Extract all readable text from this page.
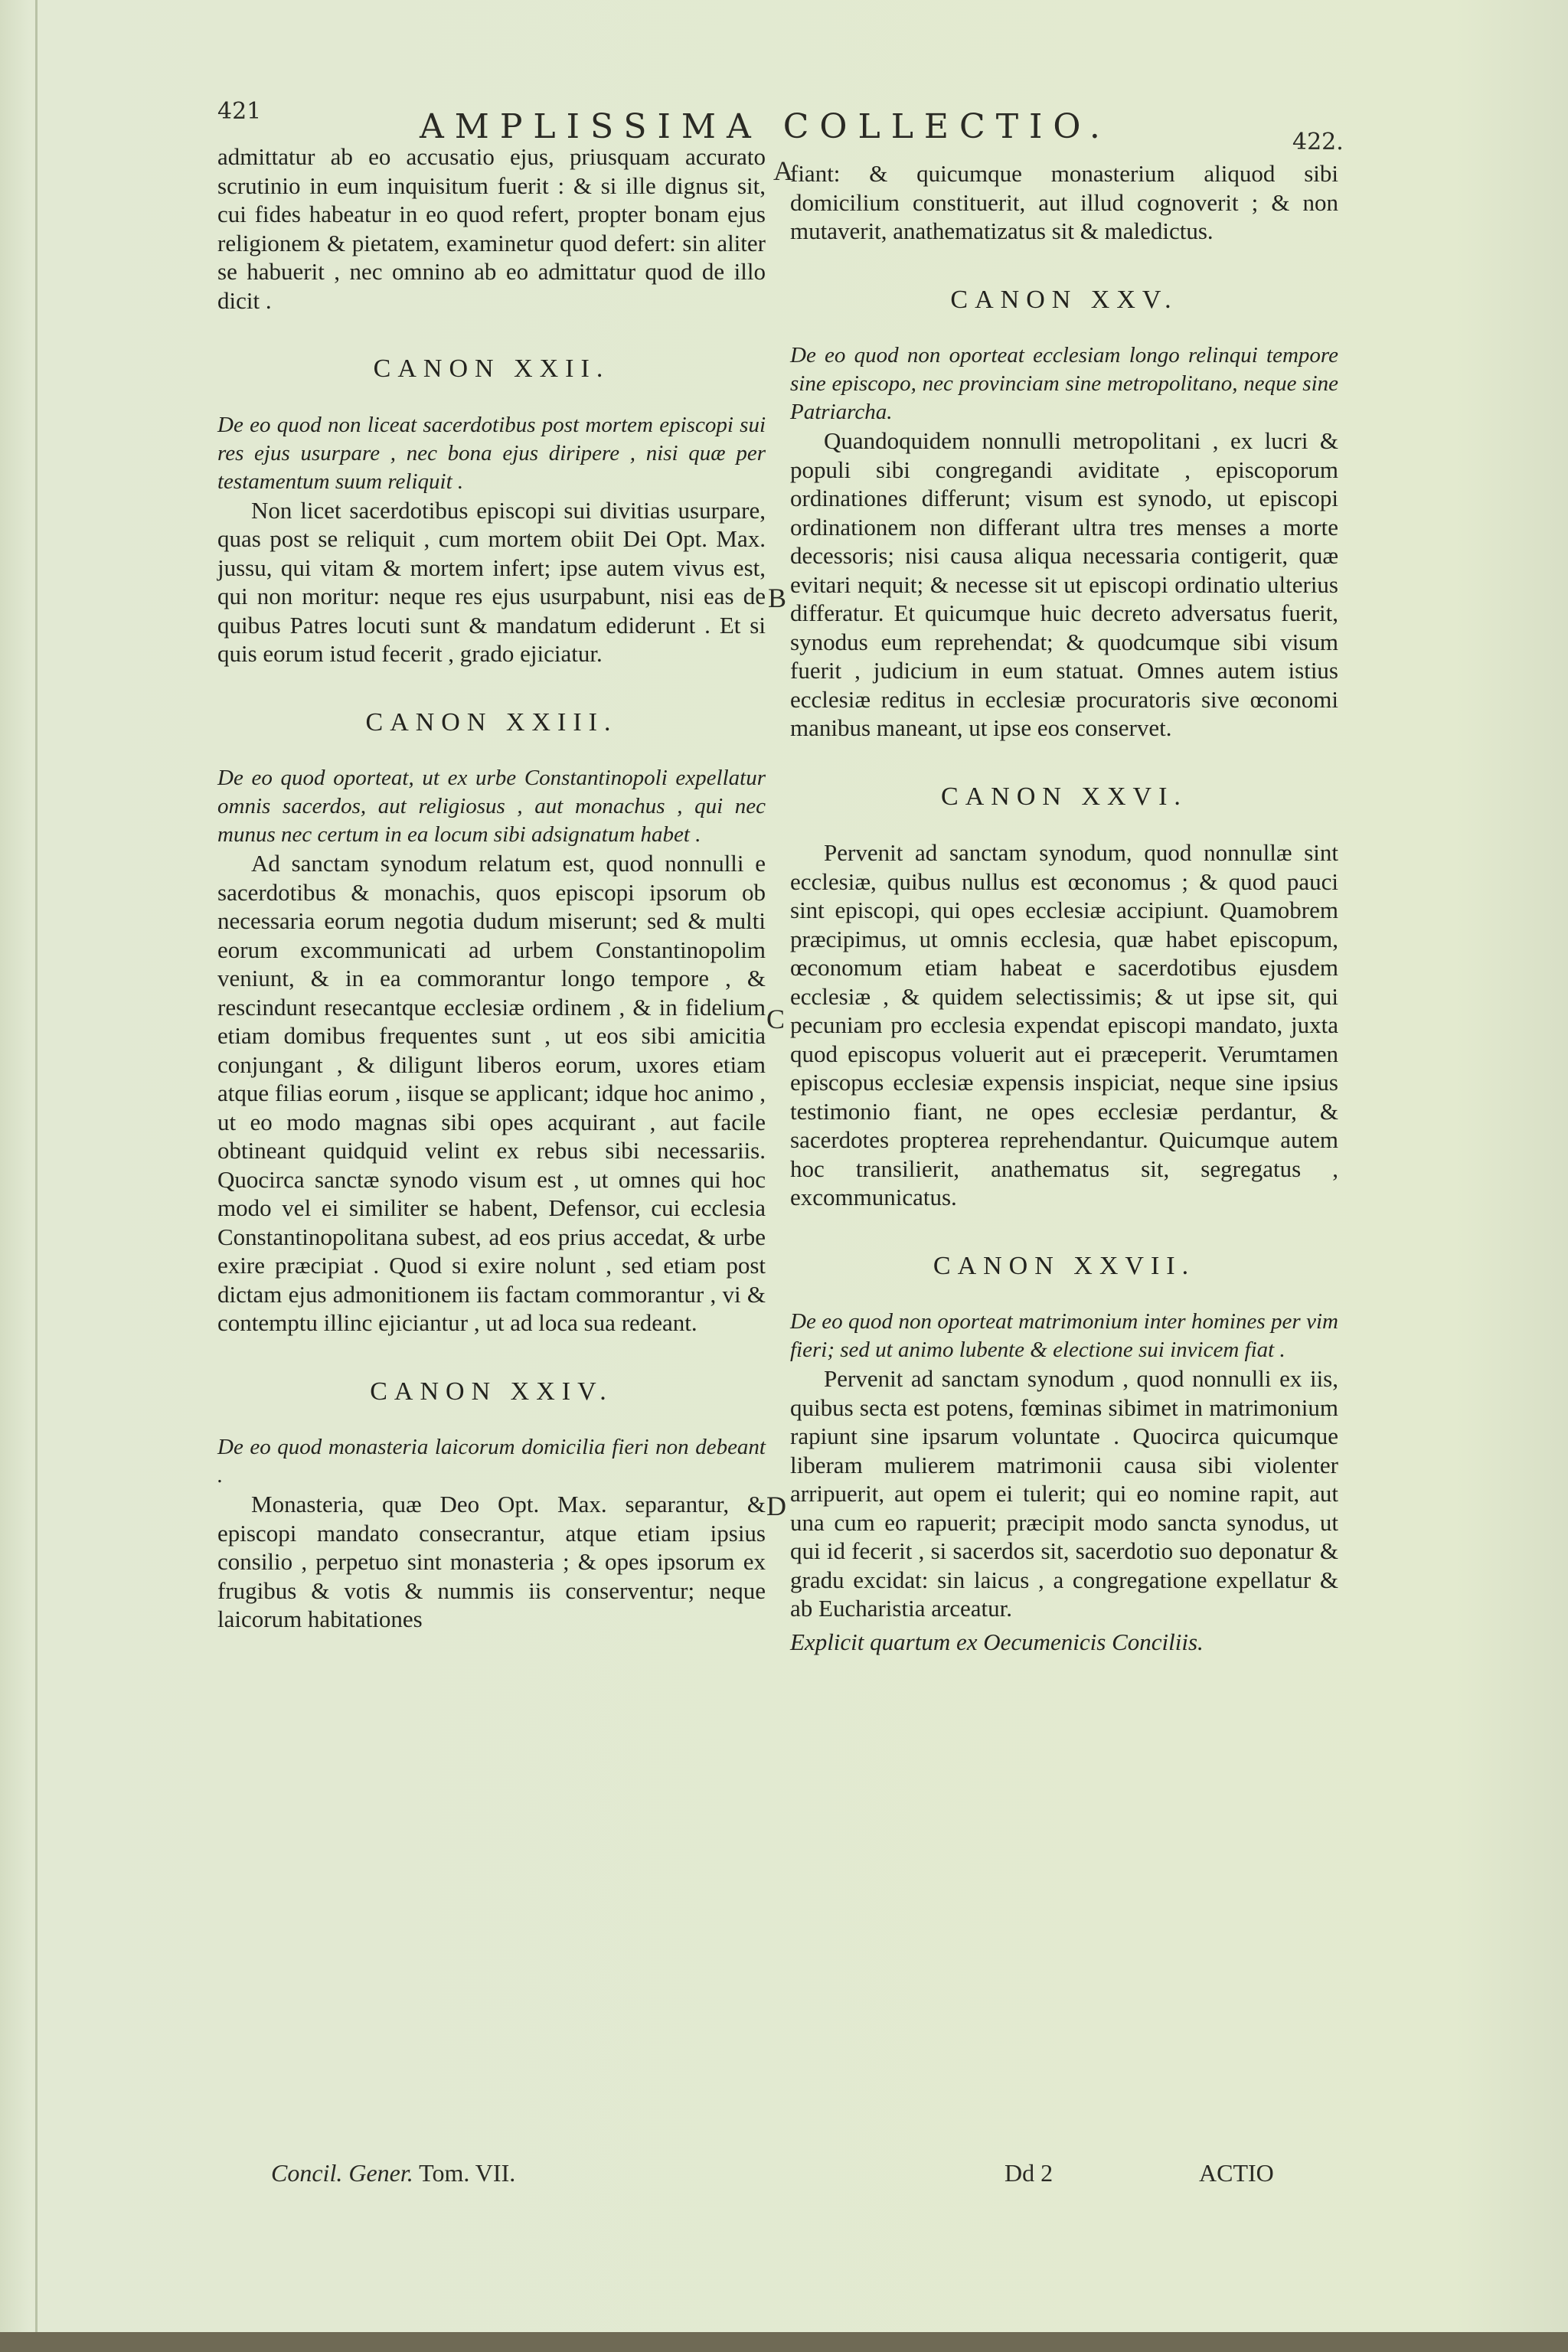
421	AMPLISSIMA COLLECTIO.	422.
A
B
C
D

admittatur ab eo accusatio ejus, priusquam accurato scrutinio in eum inquisitum fuerit : & si ille dignus sit, cui fides habeatur in eo quod refert, propter bonam ejus religionem & pietatem, examinetur quod defert: sin aliter se habuerit , nec omnino ab eo admittatur quod de illo dicit .

CANON XXII.

De eo quod non liceat sacerdotibus post mortem episcopi sui res ejus usurpare , nec bona ejus diripere , nisi quæ per testamentum suum reliquit .

Non licet sacerdotibus episcopi sui divitias usurpare, quas post se reliquit , cum mortem obiit Dei Opt. Max. jussu, qui vitam & mortem infert; ipse autem vivus est, qui non moritur: neque res ejus usurpabunt, nisi eas de quibus Patres locuti sunt & mandatum ediderunt . Et si quis eorum istud fecerit , grado ejiciatur.

CANON XXIII.

De eo quod oporteat, ut ex urbe Constantinopoli expellatur omnis sacerdos, aut religiosus , aut monachus , qui nec munus nec certum in ea locum sibi adsignatum habet .

Ad sanctam synodum relatum est, quod nonnulli e sacerdotibus & monachis, quos episcopi ipsorum ob necessaria eorum negotia dudum miserunt; sed & multi eorum excommunicati ad urbem Constantinopolim veniunt, & in ea commorantur longo tempore , & rescindunt resecantque ecclesiæ ordinem , & in fidelium etiam domibus frequentes sunt , ut eos sibi amicitia conjungant , & diligunt liberos eorum, uxores etiam atque filias eorum , iisque se applicant; idque hoc animo , ut eo modo magnas sibi opes acquirant , aut facile obtineant quidquid velint ex rebus sibi necessariis. Quocirca sanctæ synodo visum est , ut omnes qui hoc modo vel ei similiter se habent, Defensor, cui ecclesia Constantinopolitana subest, ad eos prius accedat, & urbe exire præcipiat . Quod si exire nolunt , sed etiam post dictam ejus admonitionem iis factam commorantur , vi & contemptu illinc ejiciantur , ut ad loca sua redeant.

CANON XXIV.

De eo quod monasteria laicorum domicilia fieri non debeant .

Monasteria, quæ Deo Opt. Max. separantur, & episcopi mandato consecrantur, atque etiam ipsius consilio , perpetuo sint monasteria ; & opes ipsorum ex frugibus & votis & nummis iis conserventur; neque laicorum habitationes

fiant: & quicumque monasterium aliquod sibi domicilium constituerit, aut illud cognoverit ; & non mutaverit, anathematizatus sit & maledictus.

CANON XXV.

De eo quod non oporteat ecclesiam longo relinqui tempore sine episcopo, nec provinciam sine metropolitano, neque sine Patriarcha.

Quandoquidem nonnulli metropolitani , ex lucri & populi sibi congregandi aviditate , episcoporum ordinationes differunt; visum est synodo, ut episcopi ordinationem non differant ultra tres menses a morte decessoris; nisi causa aliqua necessaria contigerit, quæ evitari nequit; & necesse sit ut episcopi ordinatio ulterius differatur. Et quicumque huic decreto adversatus fuerit, synodus eum reprehendat; & quodcumque sibi visum fuerit , judicium in eum statuat. Omnes autem istius ecclesiæ reditus in ecclesiæ procuratoris sive œconomi manibus maneant, ut ipse eos conservet.

CANON XXVI.

Pervenit ad sanctam synodum, quod nonnullæ sint ecclesiæ, quibus nullus est œconomus ; & quod pauci sint episcopi, qui opes ecclesiæ accipiunt. Quamobrem præcipimus, ut omnis ecclesia, quæ habet episcopum, œconomum etiam habeat e sacerdotibus ejusdem ecclesiæ , & quidem selectissimis; & ut ipse sit, qui pecuniam pro ecclesia expendat episcopi mandato, juxta quod episcopus voluerit aut ei præceperit. Verumtamen episcopus ecclesiæ expensis inspiciat, neque sine ipsius testimonio fiant, ne opes ecclesiæ perdantur, & sacerdotes propterea reprehendantur. Quicumque autem hoc transilierit, anathematus sit, segregatus , excommunicatus.

CANON XXVII.

De eo quod non oporteat matrimonium inter homines per vim fieri; sed ut animo lubente & electione sui invicem fiat .

Pervenit ad sanctam synodum , quod nonnulli ex iis, quibus secta est potens, fœminas sibimet in matrimonium rapiunt sine ipsarum voluntate . Quocirca quicumque liberam mulierem matrimonii causa sibi violenter arripuerit, aut opem ei tulerit; qui eo nomine rapit, aut una cum eo rapuerit; præcipit modo sancta synodus, ut qui id fecerit , si sacerdos sit, sacerdotio suo deponatur & gradu excidat: sin laicus , a congregatione expellatur & ab Eucharistia arceatur.

Explicit quartum ex Oecumenicis Conciliis.

Concil. Gener. Tom. VII.	Dd 2	ACTIO
